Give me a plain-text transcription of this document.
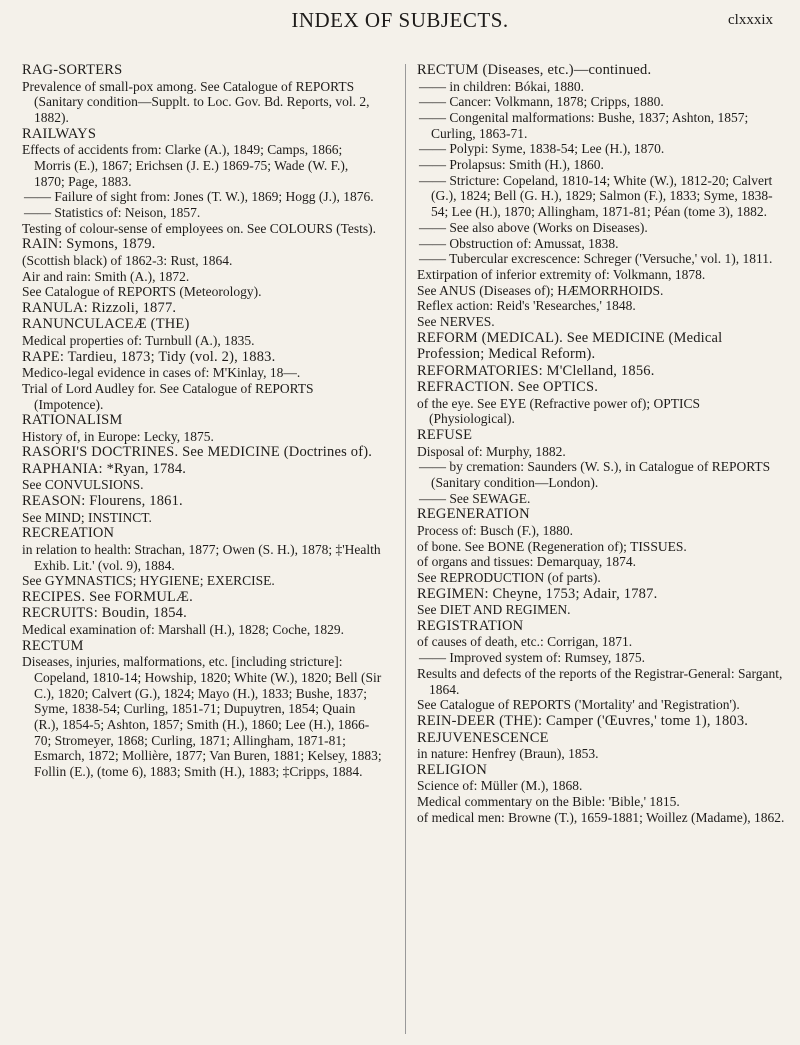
INDEX OF SUBJECTS.	clxxxix
RAG-SORTERS
Prevalence of small-pox among. See Catalogue of REPORTS (Sanitary condition—Supplt. to Loc. Gov. Bd. Reports, vol. 2, 1882).
RAILWAYS
Effects of accidents from: Clarke (A.), 1849; Camps, 1866; Morris (E.), 1867; Erichsen (J. E.) 1869-75; Wade (W. F.), 1870; Page, 1883.
—— Failure of sight from: Jones (T. W.), 1869; Hogg (J.), 1876.
—— Statistics of: Neison, 1857.
Testing of colour-sense of employees on. See COLOURS (Tests).
RAIN: Symons, 1879.
(Scottish black) of 1862-3: Rust, 1864.
Air and rain: Smith (A.), 1872.
See Catalogue of REPORTS (Meteorology).
RANULA: Rizzoli, 1877.
RANUNCULACEÆ (THE)
Medical properties of: Turnbull (A.), 1835.
RAPE: Tardieu, 1873; Tidy (vol. 2), 1883.
Medico-legal evidence in cases of: M'Kinlay, 18—.
Trial of Lord Audley for. See Catalogue of REPORTS (Impotence).
RATIONALISM
History of, in Europe: Lecky, 1875.
RASORI'S DOCTRINES. See MEDICINE (Doctrines of).
RAPHANIA: *Ryan, 1784.
See CONVULSIONS.
REASON: Flourens, 1861.
See MIND; INSTINCT.
RECREATION
in relation to health: Strachan, 1877; Owen (S. H.), 1878; ‡'Health Exhib. Lit.' (vol. 9), 1884.
See GYMNASTICS; HYGIENE; EXERCISE.
RECIPES. See FORMULÆ.
RECRUITS: Boudin, 1854.
Medical examination of: Marshall (H.), 1828; Coche, 1829.
RECTUM
Diseases, injuries, malformations, etc. [including stricture]: Copeland, 1810-14; Howship, 1820; White (W.), 1820; Bell (Sir C.), 1820; Calvert (G.), 1824; Mayo (H.), 1833; Bushe, 1837; Syme, 1838-54; Curling, 1851-71; Dupuytren, 1854; Quain (R.), 1854-5; Ashton, 1857; Smith (H.), 1860; Lee (H.), 1866-70; Stromeyer, 1868; Curling, 1871; Allingham, 1871-81; Esmarch, 1872; Mollière, 1877; Van Buren, 1881; Kelsey, 1883; Follin (E.), (tome 6), 1883; Smith (H.), 1883; ‡Cripps, 1884.
RECTUM (Diseases, etc.)—continued.
—— in children: Bókai, 1880.
—— Cancer: Volkmann, 1878; Cripps, 1880.
—— Congenital malformations: Bushe, 1837; Ashton, 1857; Curling, 1863-71.
—— Polypi: Syme, 1838-54; Lee (H.), 1870.
—— Prolapsus: Smith (H.), 1860.
—— Stricture: Copeland, 1810-14; White (W.), 1812-20; Calvert (G.), 1824; Bell (G. H.), 1829; Salmon (F.), 1833; Syme, 1838-54; Lee (H.), 1870; Allingham, 1871-81; Péan (tome 3), 1882.
—— See also above (Works on Diseases).
—— Obstruction of: Amussat, 1838.
—— Tubercular excrescence: Schreger ('Versuche,' vol. 1), 1811.
Extirpation of inferior extremity of: Volkmann, 1878.
See ANUS (Diseases of); HÆMORRHOIDS.
Reflex action: Reid's 'Researches,' 1848.
See NERVES.
REFORM (MEDICAL). See MEDICINE (Medical Profession; Medical Reform).
REFORMATORIES: M'Clelland, 1856.
REFRACTION. See OPTICS.
of the eye. See EYE (Refractive power of); OPTICS (Physiological).
REFUSE
Disposal of: Murphy, 1882.
—— by cremation: Saunders (W. S.), in Catalogue of REPORTS (Sanitary condition—London).
—— See SEWAGE.
REGENERATION
Process of: Busch (F.), 1880.
of bone. See BONE (Regeneration of); TISSUES.
of organs and tissues: Demarquay, 1874.
See REPRODUCTION (of parts).
REGIMEN: Cheyne, 1753; Adair, 1787.
See DIET AND REGIMEN.
REGISTRATION
of causes of death, etc.: Corrigan, 1871.
—— Improved system of: Rumsey, 1875.
Results and defects of the reports of the Registrar-General: Sargant, 1864.
See Catalogue of REPORTS ('Mortality' and 'Registration').
REIN-DEER (THE): Camper ('Œuvres,' tome 1), 1803.
REJUVENESCENCE
in nature: Henfrey (Braun), 1853.
RELIGION
Science of: Müller (M.), 1868.
Medical commentary on the Bible: 'Bible,' 1815.
of medical men: Browne (T.), 1659-1881; Woillez (Madame), 1862.
